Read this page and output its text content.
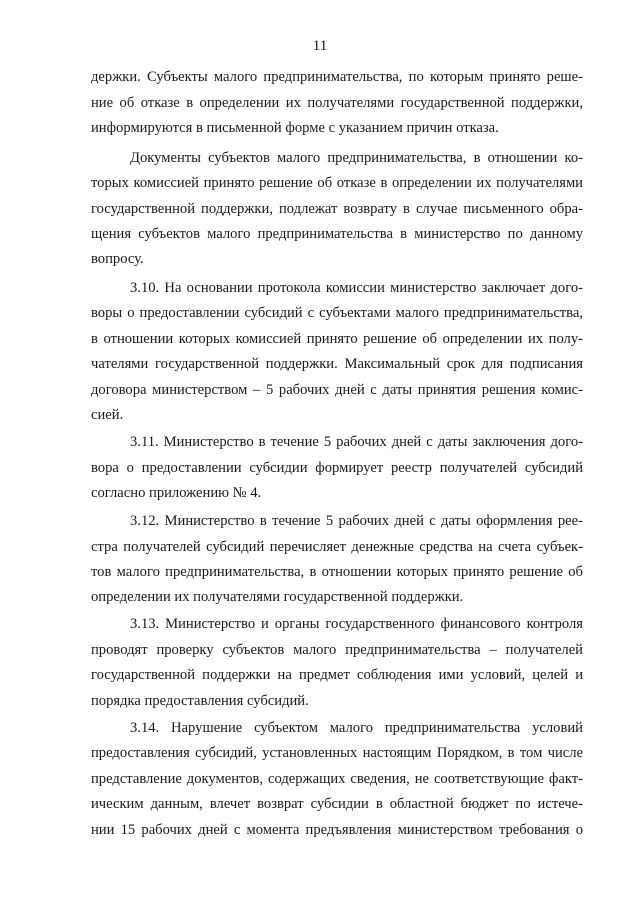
11
держки. Субъекты малого предпринимательства, по которым принято реше-
ние об отказе в определении их получателями государственной поддержки,
информируются в письменной форме с указанием причин отказа.
Документы субъектов малого предпринимательства, в отношении ко-
торых комиссией принято решение об отказе в определении их получателями
государственной поддержки, подлежат возврату в случае письменного обра-
щения субъектов малого предпринимательства в министерство по данному
вопросу.
3.10. На основании протокола комиссии министерство заключает дого-
воры о предоставлении субсидий с субъектами малого предпринимательства,
в отношении которых комиссией принято решение об определении их полу-
чателями государственной поддержки. Максимальный срок для подписания
договора министерством – 5 рабочих дней с даты принятия решения комис-
сией.
3.11. Министерство в течение 5 рабочих дней с даты заключения дого-
вора о предоставлении субсидии формирует реестр получателей субсидий
согласно приложению № 4.
3.12. Министерство в течение 5 рабочих дней с даты оформления рее-
стра получателей субсидий перечисляет денежные средства на счета субъек-
тов малого предпринимательства, в отношении которых принято решение об
определении их получателями государственной поддержки.
3.13. Министерство и органы государственного финансового контроля
проводят проверку субъектов малого предпринимательства – получателей
государственной поддержки на предмет соблюдения ими условий, целей и
порядка предоставления субсидий.
3.14. Нарушение субъектом малого предпринимательства условий
предоставления субсидий, установленных настоящим Порядком, в том числе
представление документов, содержащих сведения, не соответствующие факт-
ическим данным, влечет возврат субсидии в областной бюджет по истече-
нии 15 рабочих дней с момента предъявления министерством требования о
